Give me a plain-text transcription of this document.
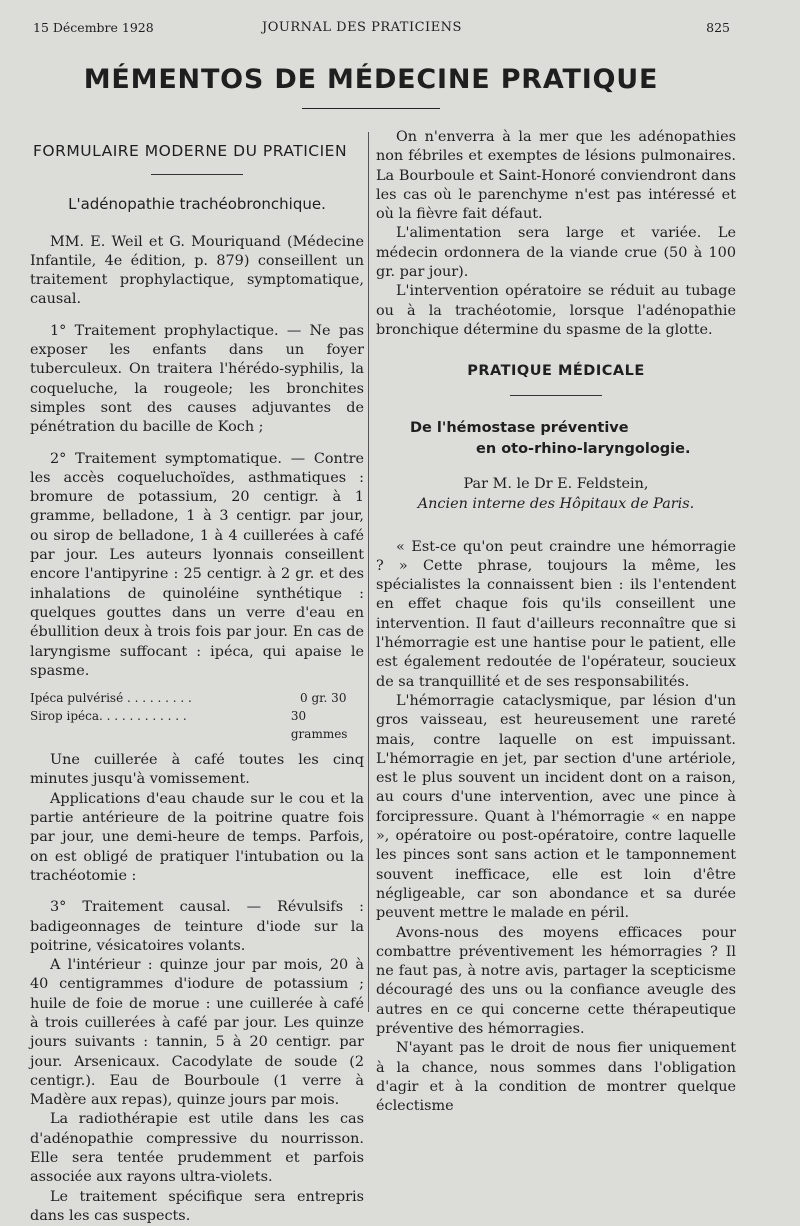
15 Décembre 1928	JOURNAL DES PRATICIENS	825
MÉMENTOS DE MÉDECINE PRATIQUE
FORMULAIRE MODERNE DU PRATICIEN
L'adénopathie trachéobronchique.

MM. E. Weil et G. Mouriquand (Médecine Infantile, 4e édition, p. 879) conseillent un traitement prophylactique, symptomatique, causal.

1° Traitement prophylactique. — Ne pas exposer les enfants dans un foyer tuberculeux. On traitera l'hérédo-syphilis, la coqueluche, la rougeole; les bronchites simples sont des causes adjuvantes de pénétration du bacille de Koch ;

2° Traitement symptomatique. — Contre les accès coqueluchoïdes, asthmatiques : bromure de potassium, 20 centigr. à 1 gramme, belladone, 1 à 3 centigr. par jour, ou sirop de belladone, 1 à 4 cuillerées à café par jour. Les auteurs lyonnais conseillent encore l'antipyrine : 25 centigr. à 2 gr. et des inhalations de quinoléine synthétique : quelques gouttes dans un verre d'eau en ébullition deux à trois fois par jour. En cas de laryngisme suffocant : ipéca, qui apaise le spasme.

Ipéca pulvérisé . . . . . . . . .	0 gr. 30
Sirop ipéca. . . . . . . . . . . .	30 grammes

Une cuillerée à café toutes les cinq minutes jusqu'à vomissement.

Applications d'eau chaude sur le cou et la partie antérieure de la poitrine quatre fois par jour, une demi-heure de temps. Parfois, on est obligé de pratiquer l'intubation ou la trachéotomie :

3° Traitement causal. — Révulsifs : badigeonnages de teinture d'iode sur la poitrine, vésicatoires volants.

A l'intérieur : quinze jour par mois, 20 à 40 centigrammes d'iodure de potassium ; huile de foie de morue : une cuillerée à café à trois cuillerées à café par jour. Les quinze jours suivants : tannin, 5 à 20 centigr. par jour. Arsenicaux. Cacodylate de soude (2 centigr.). Eau de Bourboule (1 verre à Madère aux repas), quinze jours par mois.

La radiothérapie est utile dans les cas d'adénopathie compressive du nourrisson. Elle sera tentée prudemment et parfois associée aux rayons ultra-violets.

Le traitement spécifique sera entrepris dans les cas suspects.

On n'enverra à la mer que les adénopathies non fébriles et exemptes de lésions pulmonaires. La Bourboule et Saint-Honoré conviendront dans les cas où le parenchyme n'est pas intéressé et où la fièvre fait défaut.

L'alimentation sera large et variée. Le médecin ordonnera de la viande crue (50 à 100 gr. par jour).

L'intervention opératoire se réduit au tubage ou à la trachéotomie, lorsque l'adénopathie bronchique détermine du spasme de la glotte.

PRATIQUE MÉDICALE
De l'hémostase préventive
en oto-rhino-laryngologie.
Par M. le Dr E. Feldstein,
Ancien interne des Hôpitaux de Paris.

« Est-ce qu'on peut craindre une hémorragie ? » Cette phrase, toujours la même, les spécialistes la connaissent bien : ils l'entendent en effet chaque fois qu'ils conseillent une intervention. Il faut d'ailleurs reconnaître que si l'hémorragie est une hantise pour le patient, elle est également redoutée de l'opérateur, soucieux de sa tranquillité et de ses responsabilités.

L'hémorragie cataclysmique, par lésion d'un gros vaisseau, est heureusement une rareté mais, contre laquelle on est impuissant. L'hémorragie en jet, par section d'une artériole, est le plus souvent un incident dont on a raison, au cours d'une intervention, avec une pince à forcipressure. Quant à l'hémorragie « en nappe », opératoire ou post-opératoire, contre laquelle les pinces sont sans action et le tamponnement souvent inefficace, elle est loin d'être négligeable, car son abondance et sa durée peuvent mettre le malade en péril.

Avons-nous des moyens efficaces pour combattre préventivement les hémorragies ? Il ne faut pas, à notre avis, partager la scepticisme découragé des uns ou la confiance aveugle des autres en ce qui concerne cette thérapeutique préventive des hémorragies.

N'ayant pas le droit de nous fier uniquement à la chance, nous sommes dans l'obligation d'agir et à la condition de montrer quelque éclectisme
